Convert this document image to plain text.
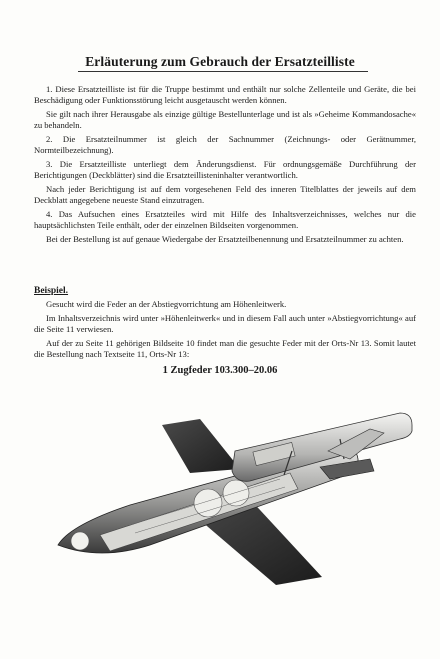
Erläuterung zum Gebrauch der Ersatzteilliste

1. Diese Ersatzteilliste ist für die Truppe bestimmt und enthält nur solche Zellenteile und Geräte, die bei Beschädigung oder Funktionsstörung leicht ausgetauscht werden können.

Sie gilt nach ihrer Herausgabe als einzige gültige Bestellunterlage und ist als »Geheime Kommandosache« zu behandeln.

2. Die Ersatzteilnummer ist gleich der Sachnummer (Zeichnungs- oder Gerätnummer, Normteilbezeichnung).

3. Die Ersatzteilliste unterliegt dem Änderungsdienst. Für ordnungsgemäße Durchführung der Berichtigungen (Deckblätter) sind die Ersatzteillisteninhalter verantwortlich.

Nach jeder Berichtigung ist auf dem vorgesehenen Feld des inneren Titelblattes der jeweils auf dem Deckblatt angegebene neueste Stand einzutragen.

4. Das Aufsuchen eines Ersatzteiles wird mit Hilfe des Inhaltsverzeichnisses, welches nur die hauptsächlichsten Teile enthält, oder der einzelnen Bildseiten vorgenommen.

Bei der Bestellung ist auf genaue Wiedergabe der Ersatzteilbenennung und Ersatzteilnummer zu achten.

Beispiel.

Gesucht wird die Feder an der Abstiegvorrichtung am Höhenleitwerk.

Im Inhaltsverzeichnis wird unter »Höhenleitwerk« und in diesem Fall auch unter »Abstiegvorrichtung« auf die Seite 11 verwiesen.

Auf der zu Seite 11 gehörigen Bildseite 10 findet man die gesuchte Feder mit der Orts-Nr 13. Somit lautet die Bestellung nach Textseite 11, Orts-Nr 13:

1 Zugfeder 103.300–20.06
